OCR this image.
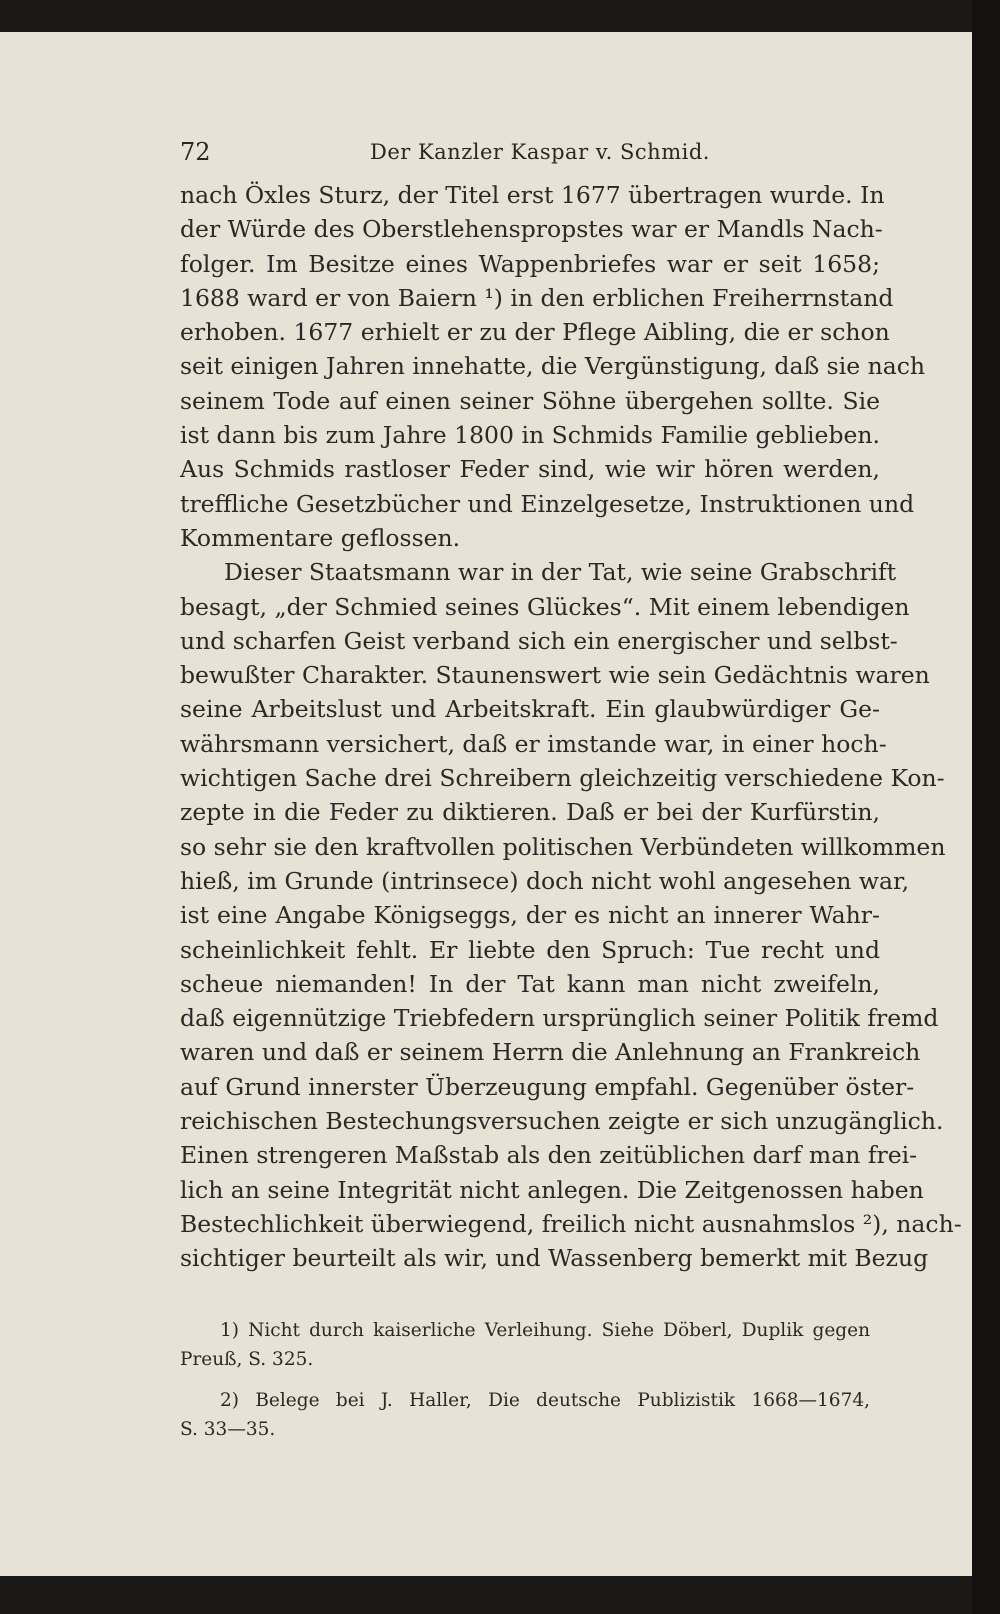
72	Der Kanzler Kaspar v. Schmid.
nach Öxles Sturz, der Titel erst 1677 übertragen wurde. In
der Würde des Oberstlehenspropstes war er Mandls Nach-
folger. Im Besitze eines Wappenbriefes war er seit 1658;
1688 ward er von Baiern ¹) in den erblichen Freiherrnstand
erhoben. 1677 erhielt er zu der Pflege Aibling, die er schon
seit einigen Jahren innehatte, die Vergünstigung, daß sie nach
seinem Tode auf einen seiner Söhne übergehen sollte. Sie
ist dann bis zum Jahre 1800 in Schmids Familie geblieben.
Aus Schmids rastloser Feder sind, wie wir hören werden,
treffliche Gesetzbücher und Einzelgesetze, Instruktionen und
Kommentare geflossen.
Dieser Staatsmann war in der Tat, wie seine Grabschrift
besagt, „der Schmied seines Glückes“. Mit einem lebendigen
und scharfen Geist verband sich ein energischer und selbst-
bewußter Charakter. Staunenswert wie sein Gedächtnis waren
seine Arbeitslust und Arbeitskraft. Ein glaubwürdiger Ge-
währsmann versichert, daß er imstande war, in einer hoch-
wichtigen Sache drei Schreibern gleichzeitig verschiedene Kon-
zepte in die Feder zu diktieren. Daß er bei der Kurfürstin,
so sehr sie den kraftvollen politischen Verbündeten willkommen
hieß, im Grunde (intrinsece) doch nicht wohl angesehen war,
ist eine Angabe Königseggs, der es nicht an innerer Wahr-
scheinlichkeit fehlt. Er liebte den Spruch: Tue recht und
scheue niemanden! In der Tat kann man nicht zweifeln,
daß eigennützige Triebfedern ursprünglich seiner Politik fremd
waren und daß er seinem Herrn die Anlehnung an Frankreich
auf Grund innerster Überzeugung empfahl. Gegenüber öster-
reichischen Bestechungsversuchen zeigte er sich unzugänglich.
Einen strengeren Maßstab als den zeitüblichen darf man frei-
lich an seine Integrität nicht anlegen. Die Zeitgenossen haben
Bestechlichkeit überwiegend, freilich nicht ausnahmslos ²), nach-
sichtiger beurteilt als wir, und Wassenberg bemerkt mit Bezug
1) Nicht durch kaiserliche Verleihung. Siehe Döberl, Duplik gegen
Preuß, S. 325.
2) Belege bei J. Haller, Die deutsche Publizistik 1668—1674,
S. 33—35.
